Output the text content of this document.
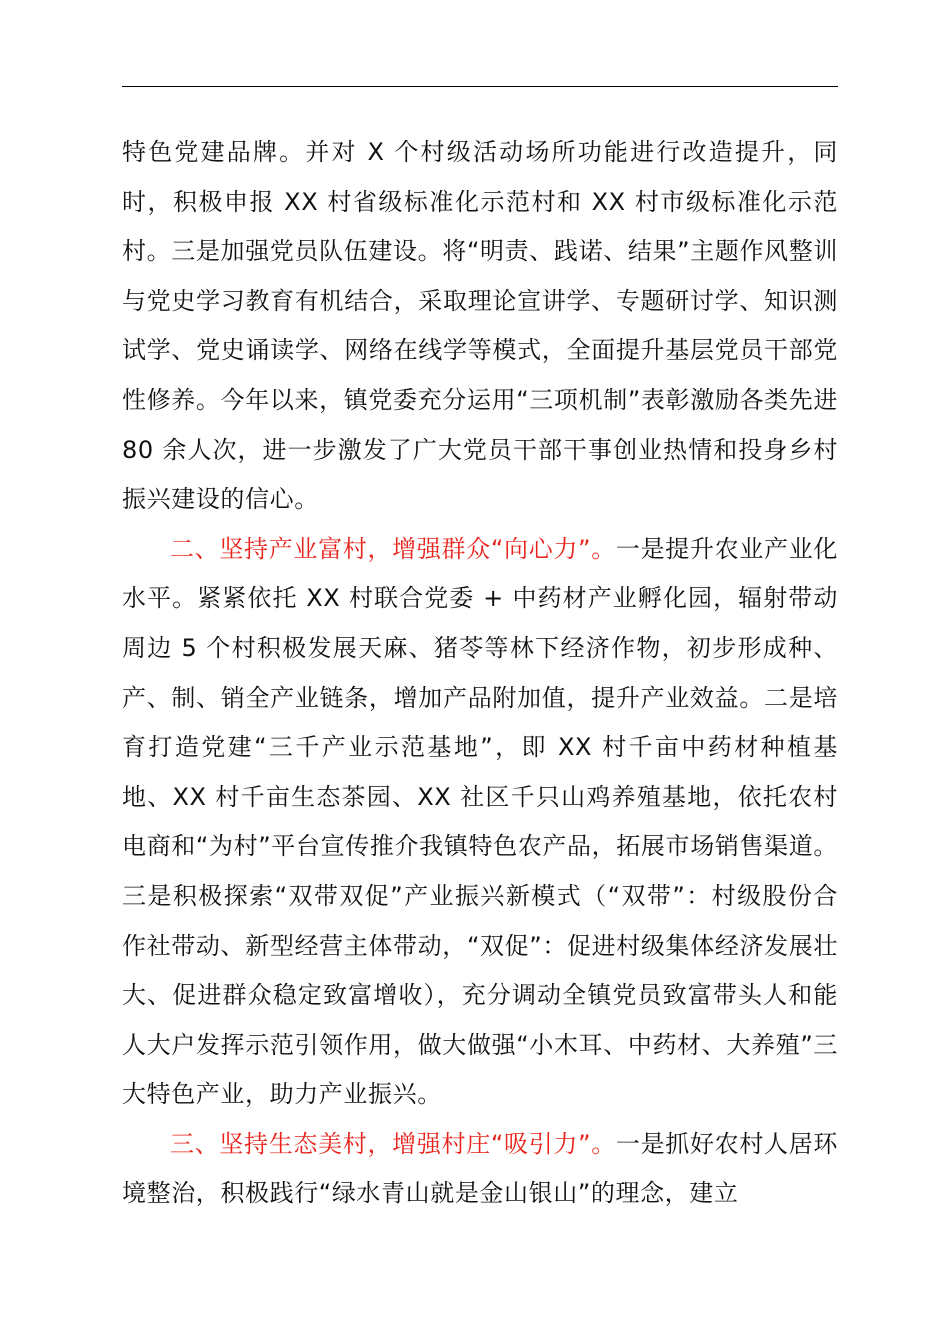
特色党建品牌。并对 X 个村级活动场所功能进行改造提升，同时，积极申报 XX 村省级标准化示范村和 XX 村市级标准化示范村。三是加强党员队伍建设。将“明责、践诺、结果”主题作风整训与党史学习教育有机结合，采取理论宣讲学、专题研讨学、知识测试学、党史诵读学、网络在线学等模式，全面提升基层党员干部党性修养。今年以来，镇党委充分运用“三项机制”表彰激励各类先进 80 余人次，进一步激发了广大党员干部干事创业热情和投身乡村振兴建设的信心。

二、坚持产业富村，增强群众“向心力”。一是提升农业产业化水平。紧紧依托 XX 村联合党委 + 中药材产业孵化园，辐射带动周边 5 个村积极发展天麻、猪苓等林下经济作物，初步形成种、产、制、销全产业链条，增加产品附加值，提升产业效益。二是培育打造党建“三千产业示范基地”，即 XX 村千亩中药材种植基地、XX 村千亩生态茶园、XX 社区千只山鸡养殖基地，依托农村电商和“为村”平台宣传推介我镇特色农产品，拓展市场销售渠道。三是积极探索“双带双促”产业振兴新模式（“双带”：村级股份合作社带动、新型经营主体带动，“双促”：促进村级集体经济发展壮大、促进群众稳定致富增收），充分调动全镇党员致富带头人和能人大户发挥示范引领作用，做大做强“小木耳、中药材、大养殖”三大特色产业，助力产业振兴。

三、坚持生态美村，增强村庄“吸引力”。一是抓好农村人居环境整治，积极践行“绿水青山就是金山银山”的理念，建立
